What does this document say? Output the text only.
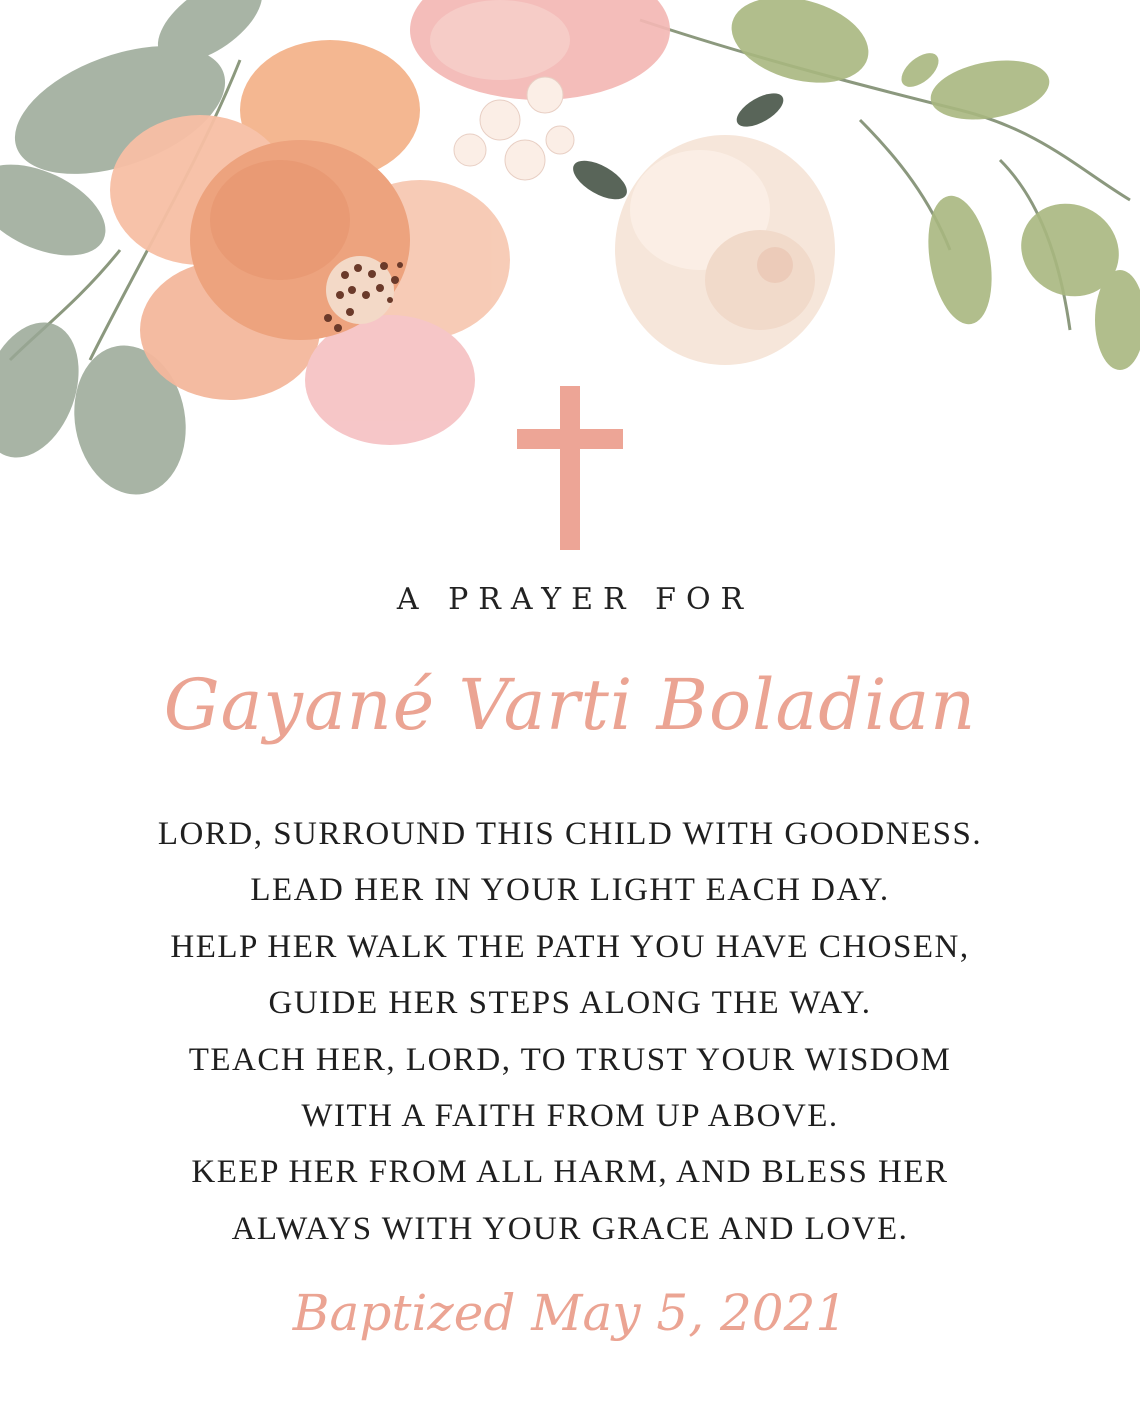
A PRAYER FOR
Gayané Varti Boladian
LORD, SURROUND THIS CHILD WITH GOODNESS.
LEAD HER IN YOUR LIGHT EACH DAY.
HELP HER WALK THE PATH YOU HAVE CHOSEN,
GUIDE HER STEPS ALONG THE WAY.
TEACH HER, LORD, TO TRUST YOUR WISDOM
WITH A FAITH FROM UP ABOVE.
KEEP HER FROM ALL HARM, AND BLESS HER
ALWAYS WITH YOUR GRACE AND LOVE.
Baptized May 5, 2021
